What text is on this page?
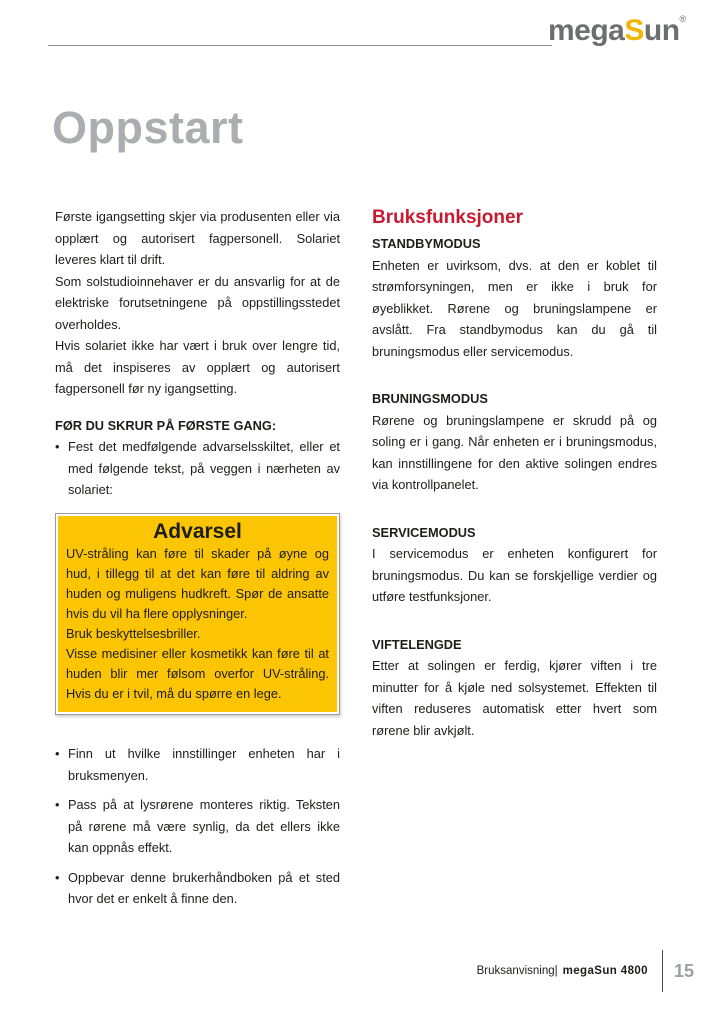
megaSun®
Oppstart

Første igangsetting skjer via produsenten eller via opplært og autorisert fagpersonell. Solariet leveres klart til drift.

Som solstudioinnehaver er du ansvarlig for at de elektriske forutsetningene på oppstillingsstedet overholdes.

Hvis solariet ikke har vært i bruk over lengre tid, må det inspiseres av opplært og autorisert fagpersonell før ny igangsetting.

FØR DU SKRUR PÅ FØRSTE GANG:

• Fest det medfølgende advarselsskiltet, eller et med følgende tekst, på veggen i nærheten av solariet:
Advarsel

UV-stråling kan føre til skader på øyne og hud, i tillegg til at det kan føre til aldring av huden og muligens hudkreft. Spør de ansatte hvis du vil ha flere opplysninger.

Bruk beskyttelsesbriller.

Visse medisiner eller kosmetikk kan føre til at huden blir mer følsom overfor UV-stråling. Hvis du er i tvil, må du spørre en lege.

• Finn ut hvilke innstillinger enheten har i bruksmenyen.
• Pass på at lysrørene monteres riktig. Teksten på rørene må være synlig, da det ellers ikke kan oppnås effekt.
• Oppbevar denne brukerhåndboken på et sted hvor det er enkelt å finne den.
Bruksfunksjoner

STANDBYMODUS

Enheten er uvirksom, dvs. at den er koblet til strømforsyningen, men er ikke i bruk for øyeblikket. Rørene og bruningslampene er avslått. Fra standbymodus kan du gå til bruningsmodus eller servicemodus.

BRUNINGSMODUS

Rørene og bruningslampene er skrudd på og soling er i gang. Når enheten er i bruningsmodus, kan innstillingene for den aktive solingen endres via kontrollpanelet.

SERVICEMODUS

I servicemodus er enheten konfigurert for bruningsmodus. Du kan se forskjellige verdier og utføre testfunksjoner.

VIFTELENGDE

Etter at solingen er ferdig, kjører viften i tre minutter for å kjøle ned solsystemet. Effekten til viften reduseres automatisk etter hvert som rørene blir avkjølt.

Bruksanvisning| megaSun 4800 15
